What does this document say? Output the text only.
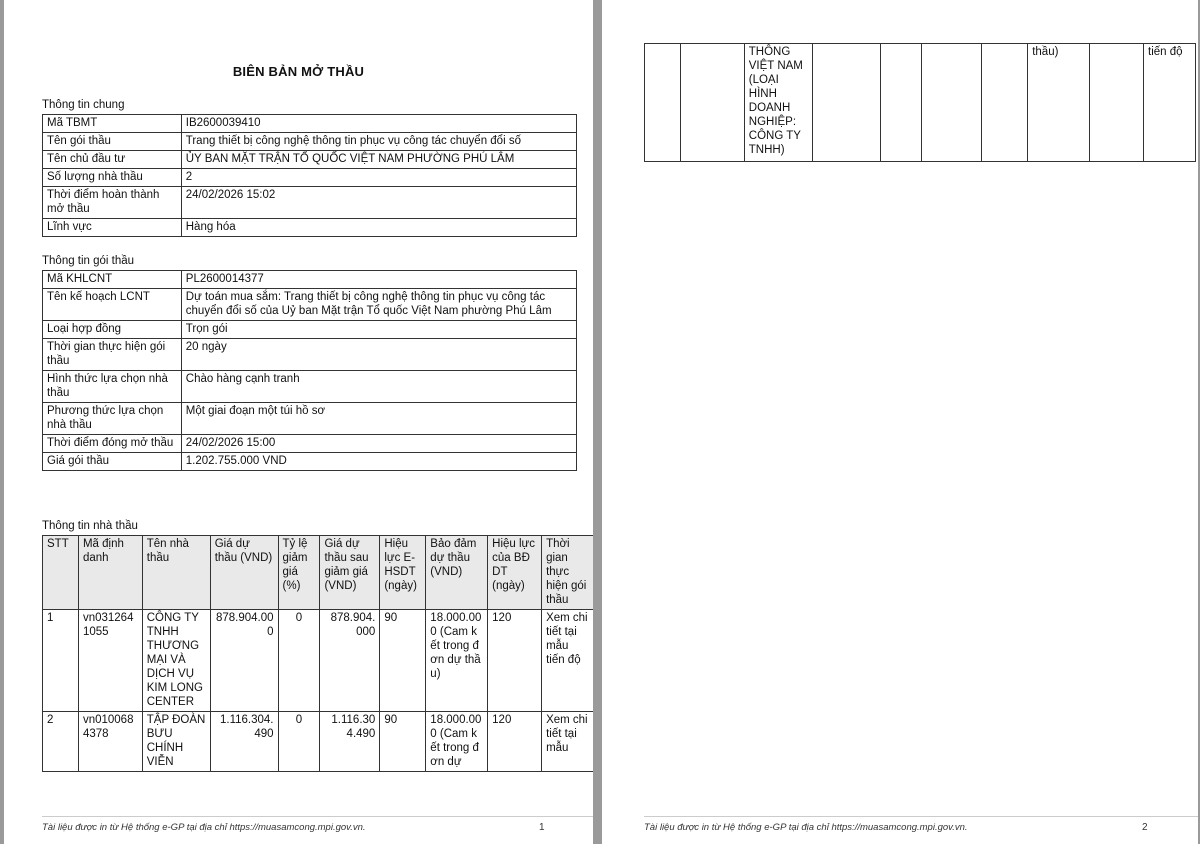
BIÊN BẢN MỞ THẦU
Thông tin chung
Mã TBMT	IB2600039410
Tên gói thầu	Trang thiết bị công nghệ thông tin phục vụ công tác chuyển đổi số
Tên chủ đầu tư	ỦY BAN MẶT TRẬN TỔ QUỐC VIỆT NAM PHƯỜNG PHÚ LÂM
Số lượng nhà thầu	2
Thời điểm hoàn thành mở thầu	24/02/2026 15:02
Lĩnh vực	Hàng hóa
Thông tin gói thầu
Mã KHLCNT	PL2600014377
Tên kế hoạch LCNT	Dự toán mua sắm: Trang thiết bị công nghệ thông tin phục vụ công tác chuyển đổi số của Uỷ ban Mặt trận Tổ quốc Việt Nam phường Phú Lâm
Loại hợp đồng	Trọn gói
Thời gian thực hiện gói thầu	20 ngày
Hình thức lựa chọn nhà thầu	Chào hàng cạnh tranh
Phương thức lựa chọn nhà thầu	Một giai đoạn một túi hồ sơ
Thời điểm đóng mở thầu	24/02/2026 15:00
Giá gói thầu	1.202.755.000 VND
Thông tin nhà thầu
STT	Mã định danh	Tên nhà thầu	Giá dự thầu (VND)	Tỷ lệ giảm giá (%)	Giá dự thầu sau giảm giá (VND)	Hiệu lực E-HSDT (ngày)	Bảo đảm dự thầu (VND)	Hiệu lực của BĐ DT (ngày)	Thời gian thực hiện gói thầu
1	vn0312641055	CÔNG TY TNHH THƯƠNG MẠI VÀ DỊCH VỤ KIM LONG CENTER	878.904.000	0	878.904.000	90	18.000.000 (Cam kết trong đơn dự thầu)	120	Xem chi tiết tại mẫu tiến độ
2	vn0100684378	TẬP ĐOÀN BƯU CHÍNH VIỄN	1.116.304.490	0	1.116.304.490	90	18.000.000 (Cam kết trong đơn dự	120	Xem chi tiết tại mẫu
Tài liệu được in từ Hệ thống e-GP tại địa chỉ https://muasamcong.mpi.gov.vn.	1
		THÔNG VIỆT NAM (LOẠI HÌNH DOANH NGHIỆP: CÔNG TY TNHH)					thầu)		tiến độ
Tài liệu được in từ Hệ thống e-GP tại địa chỉ https://muasamcong.mpi.gov.vn.	2
